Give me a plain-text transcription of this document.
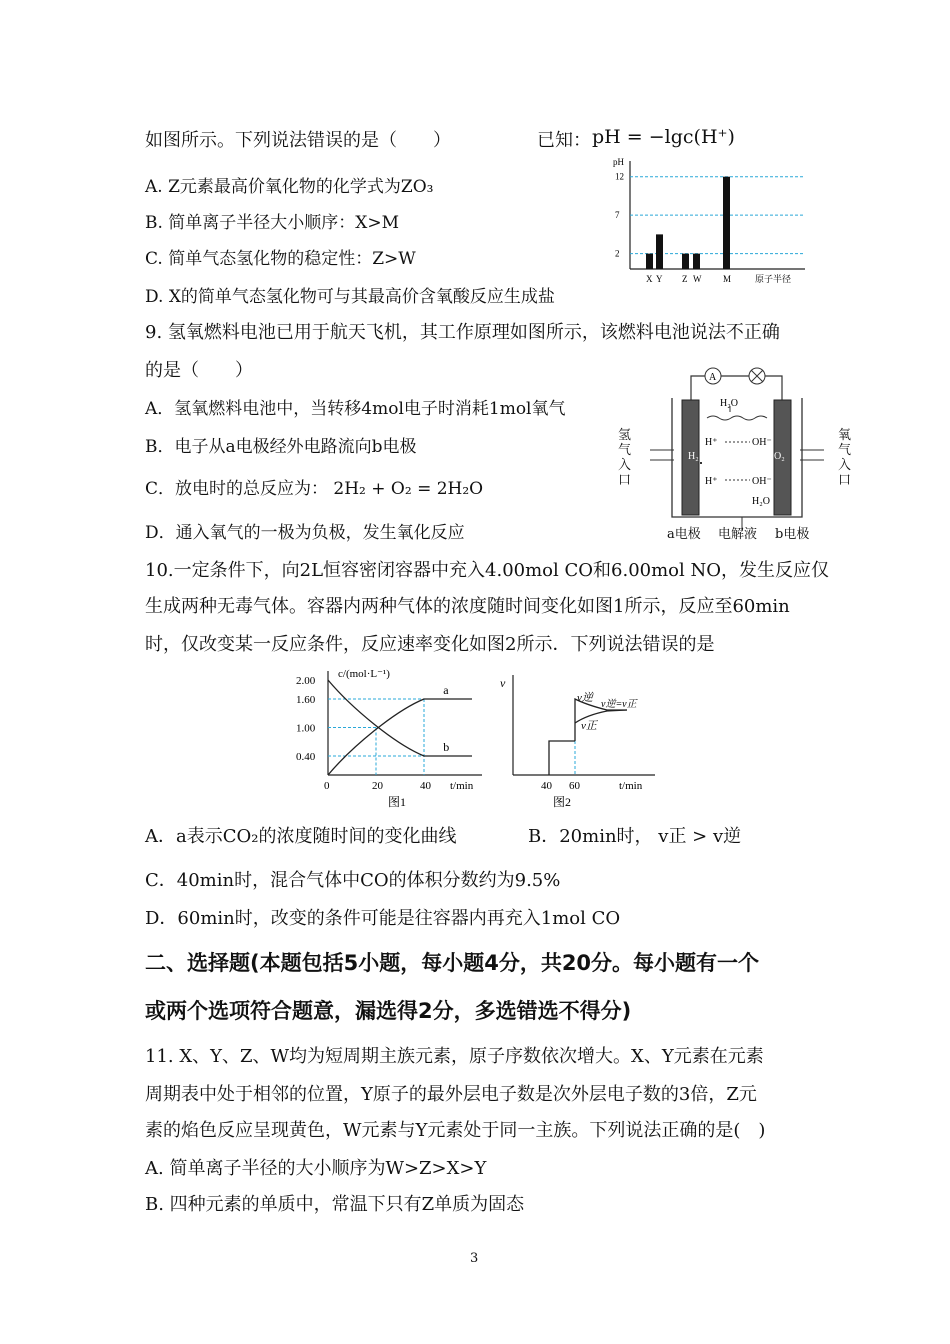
如图所示。下列说法错误的是（　　）	已知： pH = −lgc(H⁺)
A. Z元素最高价氧化物的化学式为ZO₃
B. 简单离子半径大小顺序：X>M
C. 简单气态氢化物的稳定性：Z>W
D. X的简单气态氢化物可与其最高价含氧酸反应生成盐
pH
原子半径
2
7
12
X Y Z W M
9. 氢氧燃料电池已用于航天飞机，其工作原理如图所示，该燃料电池说法不正确
的是（　　）
A．氢氧燃料电池中，当转移4mol电子时消耗1mol氧气
B．电子从a电极经外电路流向b电极
C．放电时的总反应为： 2H₂ + O₂ = 2H₂O
D．通入氧气的一极为负极，发生氧化反应
A
H₂O
H⁺	OH⁻
H₂	O₂
H⁺	OH⁻
H₂O
氢气入口
氧气入口
a电极 电解液 b电极
10.一定条件下，向2L恒容密闭容器中充入4.00mol CO和6.00mol NO，发生反应仅
生成两种无毒气体。容器内两种气体的浓度随时间变化如图1所示，反应至60min
时，仅改变某一反应条件，反应速率变化如图2所示．下列说法错误的是
c/(mol·L⁻¹)
t/min
图1
2.00
1.60
1.00
0.40
0	20	40
a
b
v
t/min
40 60
图2
v逆
v逆=v正
v正
A．a表示CO₂的浓度随时间的变化曲线	B．20min时， v正 > v逆
C．40min时，混合气体中CO的体积分数约为9.5%
D．60min时，改变的条件可能是往容器内再充入1mol CO
二、选择题(本题包括5小题，每小题4分，共20分。每小题有一个
或两个选项符合题意，漏选得2分，多选错选不得分)
11. X、Y、Z、W均为短周期主族元素，原子序数依次增大。X、Y元素在元素
周期表中处于相邻的位置，Y原子的最外层电子数是次外层电子数的3倍，Z元
素的焰色反应呈现黄色，W元素与Y元素处于同一主族。下列说法正确的是(　)
A. 简单离子半径的大小顺序为W>Z>X>Y
B. 四种元素的单质中，常温下只有Z单质为固态
3
